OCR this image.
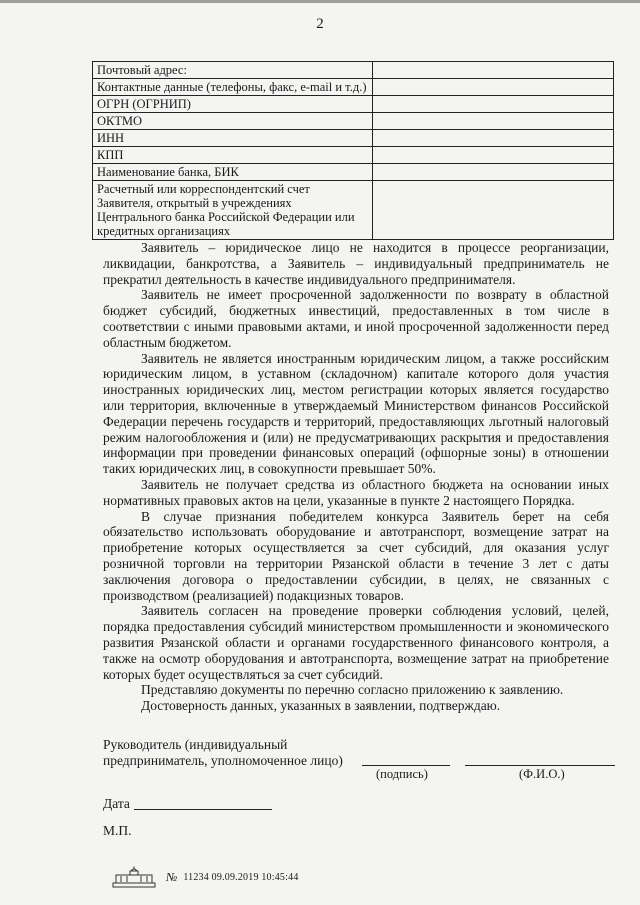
2
Почтовый адрес:	
Контактные данные (телефоны, факс, e-mail и т.д.)	
ОГРН (ОГРНИП)	
ОКТМО	
ИНН	
КПП	
Наименование банка, БИК	
Расчетный или корреспондентский счет Заявителя, открытый в учреждениях Центрального банка Российской Федерации или кредитных организациях	

Заявитель – юридическое лицо не находится в процессе реорганизации, ликвидации, банкротства, а Заявитель – индивидуальный предприниматель не прекратил деятельность в качестве индивидуального предпринимателя.

Заявитель не имеет просроченной задолженности по возврату в областной бюджет субсидий, бюджетных инвестиций, предоставленных в том числе в соответствии с иными правовыми актами, и иной просроченной задолженности перед областным бюджетом.

Заявитель не является иностранным юридическим лицом, а также российским юридическим лицом, в уставном (складочном) капитале которого доля участия иностранных юридических лиц, местом регистрации которых является государство или территория, включенные в утверждаемый Министерством финансов Российской Федерации перечень государств и территорий, предоставляющих льготный налоговый режим налогообложения и (или) не предусматривающих раскрытия и предоставления информации при проведении финансовых операций (офшорные зоны) в отношении таких юридических лиц, в совокупности превышает 50%.

Заявитель не получает средства из областного бюджета на основании иных нормативных правовых актов на цели, указанные в пункте 2 настоящего Порядка.

В случае признания победителем конкурса Заявитель берет на себя обязательство использовать оборудование и автотранспорт, возмещение затрат на приобретение которых осуществляется за счет субсидий, для оказания услуг розничной торговли на территории Рязанской области в течение 3 лет с даты заключения договора о предоставлении субсидии, в целях, не связанных с производством (реализацией) подакцизных товаров.

Заявитель согласен на проведение проверки соблюдения условий, целей, порядка предоставления субсидий министерством промышленности и экономического развития Рязанской области и органами государственного финансового контроля, а также на осмотр оборудования и автотранспорта, возмещение затрат на приобретение которых будет осуществляться за счет субсидий.

Представляю документы по перечню согласно приложению к заявлению.

Достоверность данных, указанных в заявлении, подтверждаю.

Руководитель (индивидуальный
предприниматель, уполномоченное лицо)
(подпись)	(Ф.И.О.)
Дата
М.П.
№ 11234 09.09.2019 10:45:44
